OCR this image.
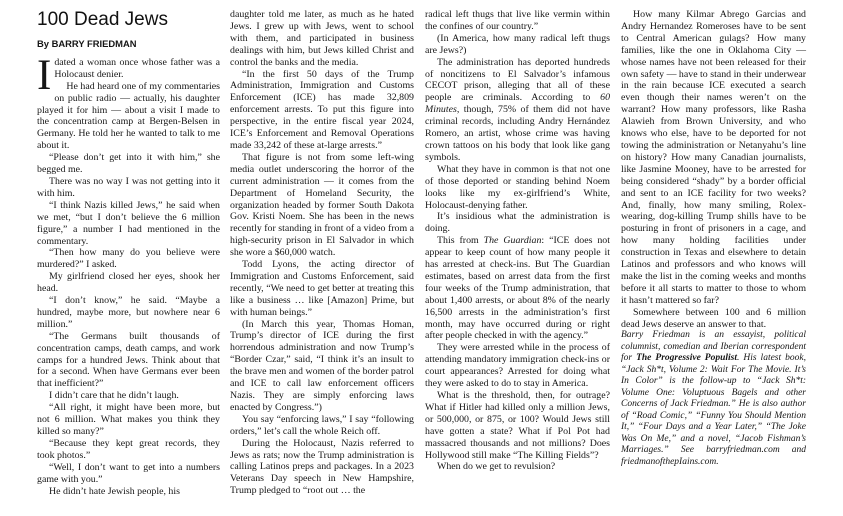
100 Dead Jews
By BARRY FRIEDMAN

Idated a woman once whose father was a Holocaust denier.

He had heard one of my commentaries on public radio — actually, his daughter played it for him — about a visit I made to the concentration camp at Bergen-Belsen in Germany. He told her he wanted to talk to me about it.

“Please don’t get into it with him,” she begged me.

There was no way I was not getting into it with him.

“I think Nazis killed Jews,” he said when we met, “but I don’t believe the 6 million figure,” a number I had mentioned in the commentary.

“Then how many do you believe were murdered?” I asked.

My girlfriend closed her eyes, shook her head.

“I don’t know,” he said. “Maybe a hundred, maybe more, but nowhere near 6 million.”

“The Germans built thousands of concentration camps, death camps, and work camps for a hundred Jews. Think about that for a second. When have Germans ever been that inefficient?”

I didn’t care that he didn’t laugh.

“All right, it might have been more, but not 6 million. What makes you think they killed so many?”

“Because they kept great records, they took photos.”

“Well, I don’t want to get into a numbers game with you.”

He didn’t hate Jewish people, his

daughter told me later, as much as he hated Jews. I grew up with Jews, went to school with them, and participated in business dealings with him, but Jews killed Christ and control the banks and the media.

“In the first 50 days of the Trump Administration, Immigration and Customs Enforcement (ICE) has made 32,809 enforcement arrests. To put this figure into perspective, in the entire fiscal year 2024, ICE’s Enforcement and Removal Operations made 33,242 of these at-large arrests.”

That figure is not from some left-wing media outlet underscoring the horror of the current administration — it comes from the Department of Homeland Security, the organization headed by former South Dakota Gov. Kristi Noem. She has been in the news recently for standing in front of a video from a high-security prison in El Salvador in which she wore a $60,000 watch.

Todd Lyons, the acting director of Immigration and Customs Enforcement, said recently, “We need to get better at treating this like a business … like [Amazon] Prime, but with human beings.”

(In March this year, Thomas Homan, Trump’s director of ICE during the first horrendous administration and now Trump’s “Border Czar,” said, “I think it’s an insult to the brave men and women of the border patrol and ICE to call law enforcement officers Nazis. They are simply enforcing laws enacted by Congress.”)

You say “enforcing laws,” I say “following orders,” let’s call the whole Reich off.

During the Holocaust, Nazis referred to Jews as rats; now the Trump administration is calling Latinos preps and packages. In a 2023 Veterans Day speech in New Hampshire, Trump pledged to “root out … the

radical left thugs that live like vermin within the confines of our country.”

(In America, how many radical left thugs are Jews?)

The administration has deported hundreds of noncitizens to El Salvador’s infamous CECOT prison, alleging that all of these people are criminals. According to 60 Minutes, though, 75% of them did not have criminal records, including Andry Hernández Romero, an artist, whose crime was having crown tattoos on his body that look like gang symbols.

What they have in common is that not one of those deported or standing behind Noem looks like my ex-girlfriend’s White, Holocaust-denying father.

It’s insidious what the administration is doing.

This from The Guardian: “ICE does not appear to keep count of how many people it has arrested at check-ins. But The Guardian estimates, based on arrest data from the first four weeks of the Trump administration, that about 1,400 arrests, or about 8% of the nearly 16,500 arrests in the administration’s first month, may have occurred during or right after people checked in with the agency.”

They were arrested while in the process of attending mandatory immigration check-ins or court appearances? Arrested for doing what they were asked to do to stay in America.

What is the threshold, then, for outrage? What if Hitler had killed only a million Jews, or 500,000, or 875, or 100? Would Jews still have gotten a state? What if Pol Pot had massacred thousands and not millions? Does Hollywood still make “The Killing Fields”?

When do we get to revulsion?

How many Kilmar Abrego Garcias and Andry Hernandez Romeroses have to be sent to Central American gulags? How many families, like the one in Oklahoma City — whose names have not been released for their own safety — have to stand in their underwear in the rain because ICE executed a search even though their names weren’t on the warrant? How many professors, like Rasha Alawieh from Brown University, and who knows who else, have to be deported for not towing the administration or Netanyahu’s line on history? How many Canadian journalists, like Jasmine Mooney, have to be arrested for being considered “shady” by a border official and sent to an ICE facility for two weeks? And, finally, how many smiling, Rolex-wearing, dog-killing Trump shills have to be posturing in front of prisoners in a cage, and how many holding facilities under construction in Texas and elsewhere to detain Latinos and professors and who knows will make the list in the coming weeks and months before it all starts to matter to those to whom it hasn’t mattered so far?

Somewhere between 100 and 6 million dead Jews deserve an answer to that.

Barry Friedman is an essayist, political columnist, comedian and Iberian correspondent for The Progressive Populist. His latest book, “Jack Sh*t, Volume 2: Wait For The Movie. It’s In Color” is the follow-up to “Jack Sh*t: Volume One: Voluptuous Bagels and other Concerns of Jack Friedman.” He is also author of “Road Comic,” “Funny You Should Mention It,” “Four Days and a Year Later,” “The Joke Was On Me,” and a novel, “Jacob Fishman’s Marriages.” See barryfriedman.com and friedmanofthepIains.com.
